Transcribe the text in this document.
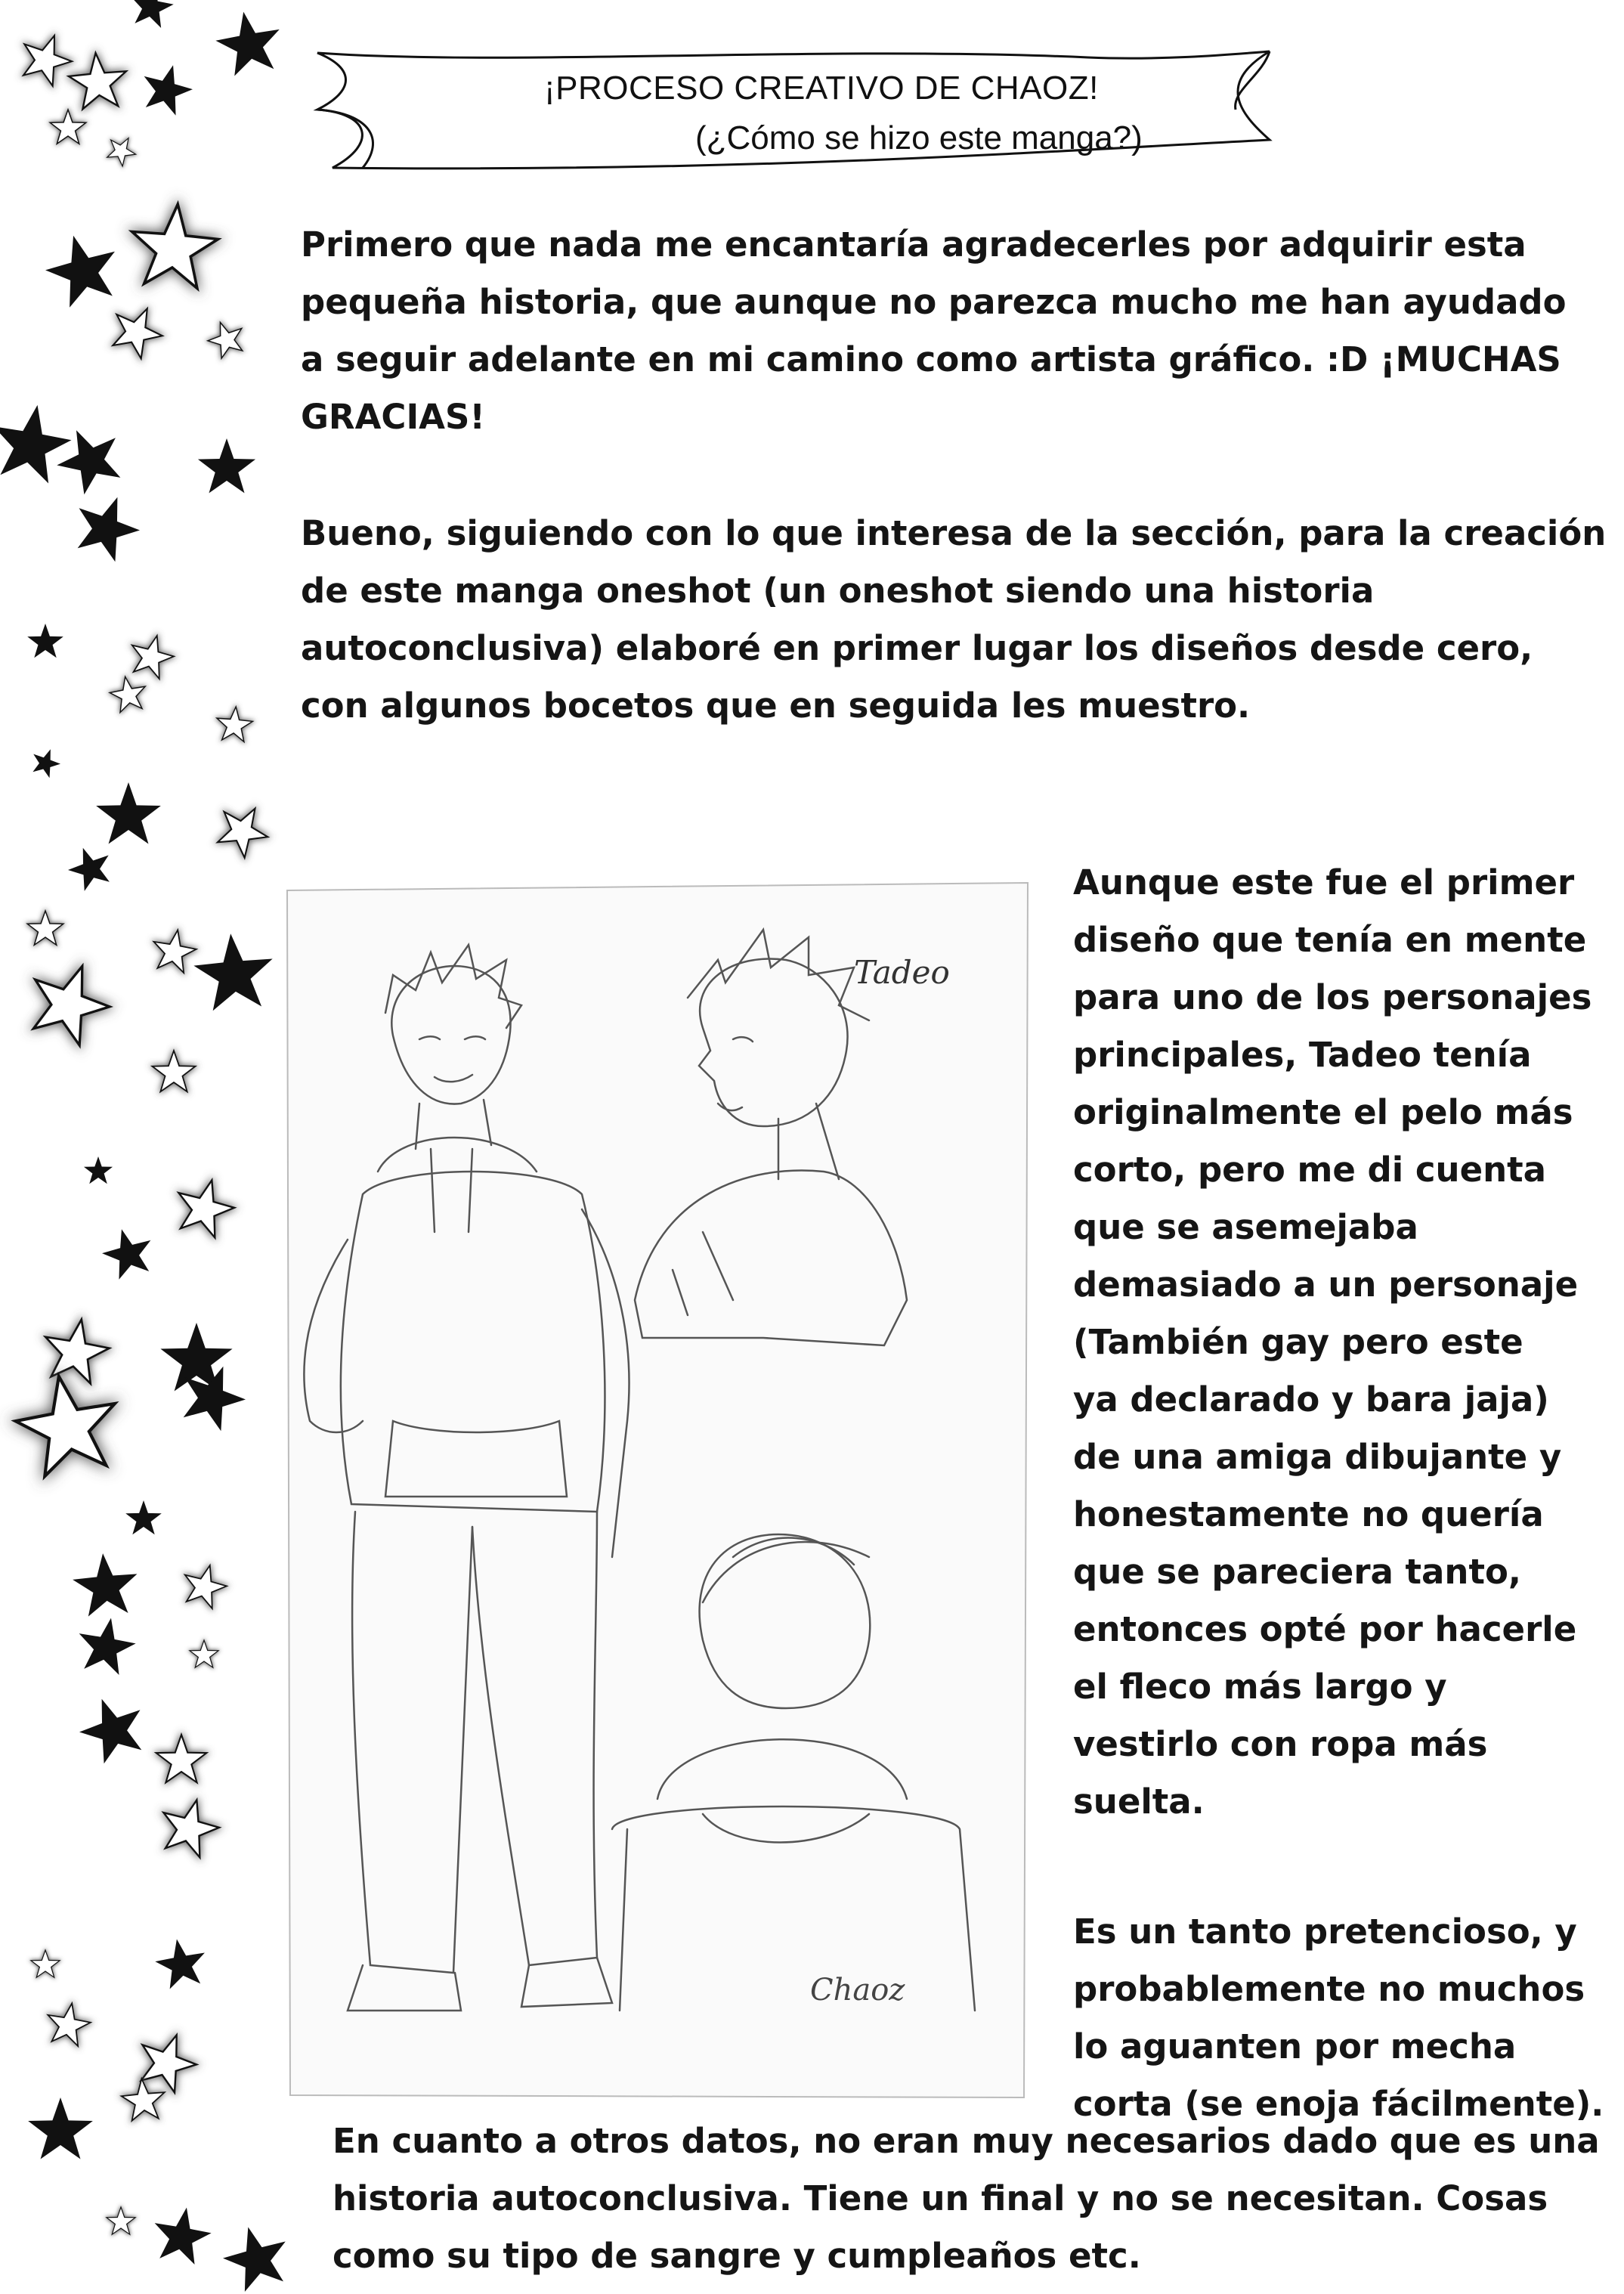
¡PROCESO CREATIVO DE CHAOZ!
(¿Cómo se hizo este manga?)

Primero que nada me encantaría agradecerles por adquirir esta
pequeña historia, que aunque no parezca mucho me han ayudado
a seguir adelante en mi camino como artista gráfico. :D ¡MUCHAS
GRACIAS!

Bueno, siguiendo con lo que interesa de la sección, para la creación
de este manga oneshot (un oneshot siendo una historia
autoconclusiva) elaboré en primer lugar los diseños desde cero,
con algunos bocetos que en seguida les muestro.

Tadeo
Chaoz

Aunque este fue el primer
diseño que tenía en mente
para uno de los personajes
principales, Tadeo tenía
originalmente el pelo más
corto, pero me di cuenta
que se asemejaba
demasiado a un personaje
(También gay pero este
ya declarado y bara jaja)
de una amiga dibujante y
honestamente no quería
que se pareciera tanto,
entonces opté por hacerle
el fleco más largo y
vestirlo con ropa más
suelta.

Es un tanto pretencioso, y
probablemente no muchos
lo aguanten por mecha
corta (se enoja fácilmente).

En cuanto a otros datos, no eran muy necesarios dado que es una
historia autoconclusiva. Tiene un final y no se necesitan. Cosas
como su tipo de sangre y cumpleaños etc.
